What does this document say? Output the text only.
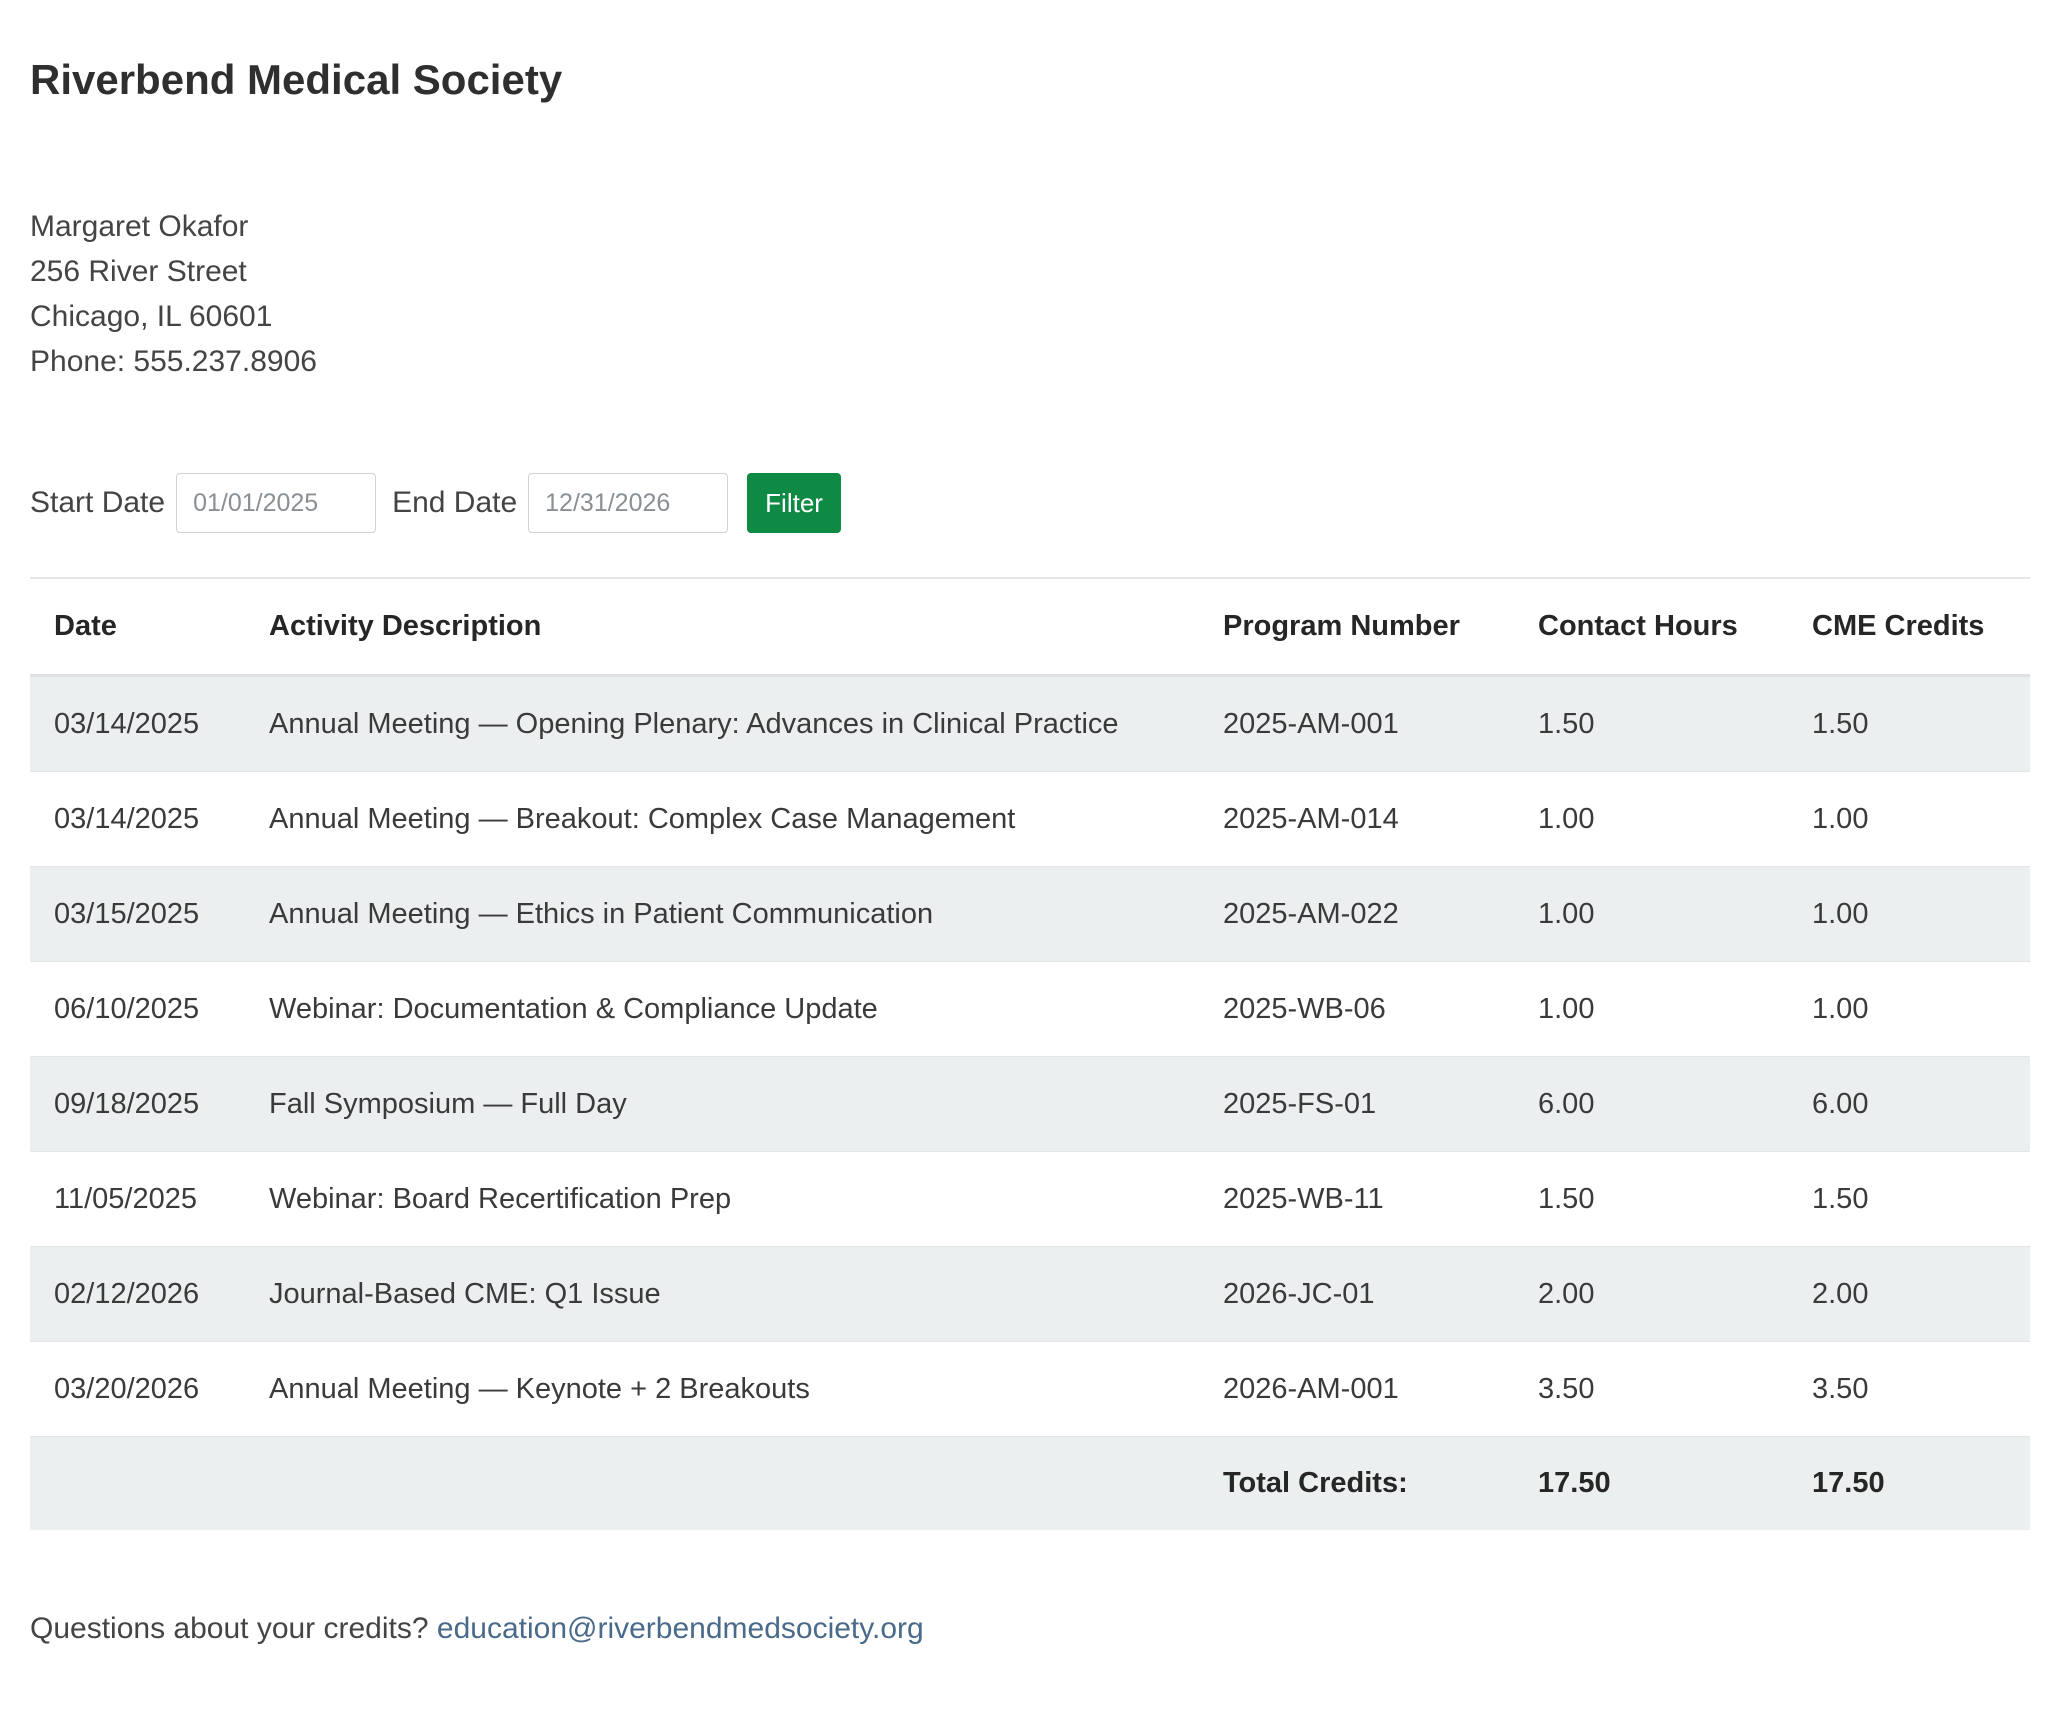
Riverbend Medical Society
Margaret Okafor
256 River Street
Chicago, IL 60601
Phone: 555.237.8906
Start Date
01/01/2025	End Date
12/31/2026	Filter
Date	Activity Description	Program Number	Contact Hours	CME Credits
03/14/2025	Annual Meeting — Opening Plenary: Advances in Clinical Practice	2025-AM-001	1.50	1.50
03/14/2025	Annual Meeting — Breakout: Complex Case Management	2025-AM-014	1.00	1.00
03/15/2025	Annual Meeting — Ethics in Patient Communication	2025-AM-022	1.00	1.00
06/10/2025	Webinar: Documentation & Compliance Update	2025-WB-06	1.00	1.00
09/18/2025	Fall Symposium — Full Day	2025-FS-01	6.00	6.00
11/05/2025	Webinar: Board Recertification Prep	2025-WB-11	1.50	1.50
02/12/2026	Journal-Based CME: Q1 Issue	2026-JC-01	2.00	2.00
03/20/2026	Annual Meeting — Keynote + 2 Breakouts	2026-AM-001	3.50	3.50
		Total Credits:	17.50	17.50
Questions about your credits? education@riverbendmedsociety.org
